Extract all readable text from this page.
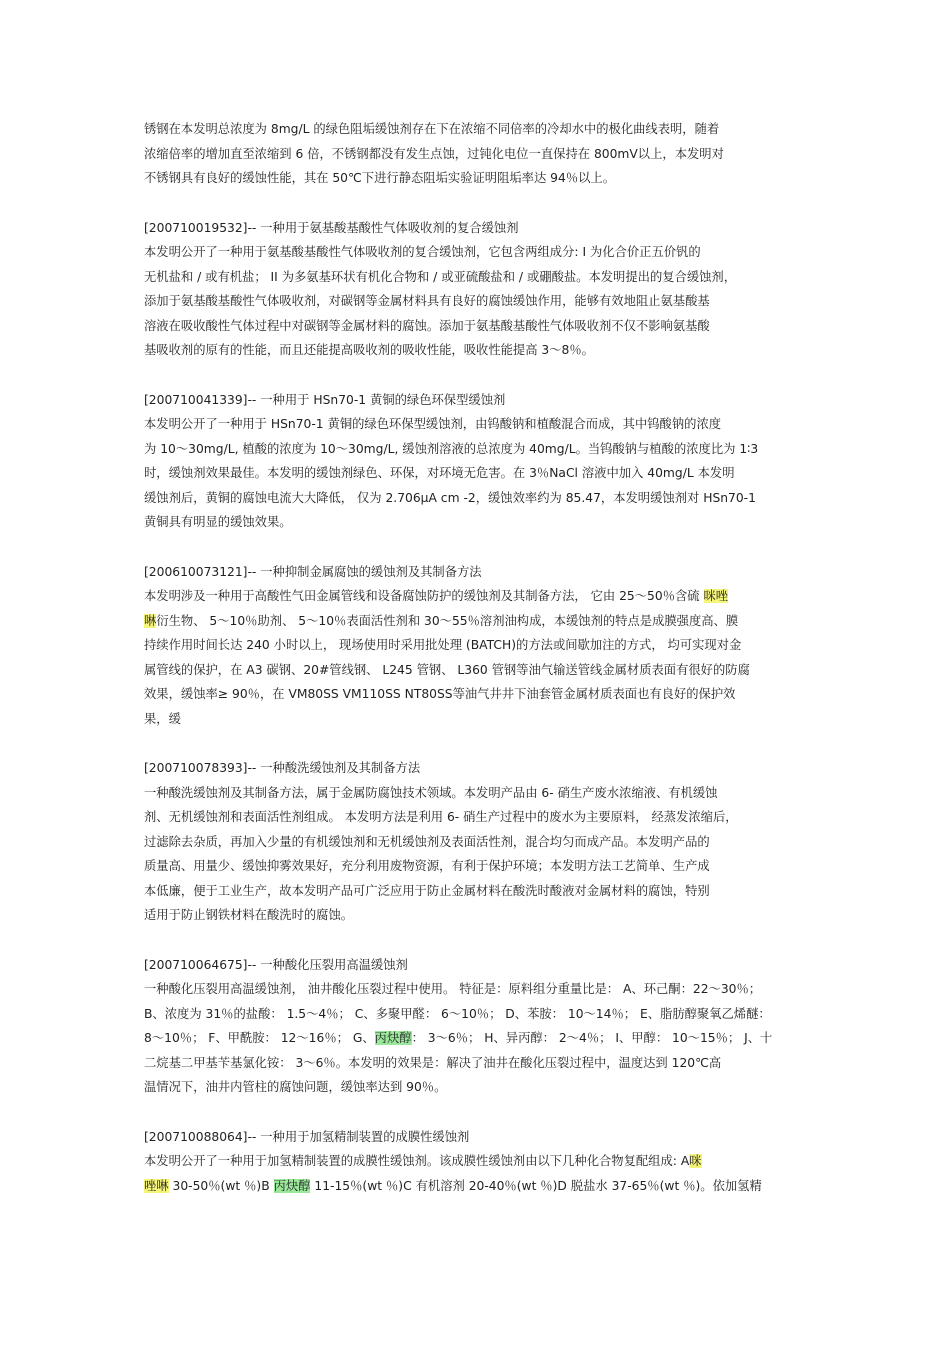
锈钢在本发明总浓度为 8mg/L 的绿色阻垢缓蚀剂存在下在浓缩不同倍率的冷却水中的极化曲线表明，随着
浓缩倍率的增加直至浓缩到 6 倍，不锈钢都没有发生点蚀，过钝化电位一直保持在 800mV以上，本发明对
不锈钢具有良好的缓蚀性能，其在 50℃下进行静态阻垢实验证明阻垢率达 94％以上。
[200710019532]-- 一种用于氨基酸基酸性气体吸收剂的复合缓蚀剂
本发明公开了一种用于氨基酸基酸性气体吸收剂的复合缓蚀剂，它包含两组成分: I 为化合价正五价钒的
无机盐和 / 或有机盐； II 为多氨基环状有机化合物和 / 或亚硫酸盐和 / 或硼酸盐。本发明提出的复合缓蚀剂，
添加于氨基酸基酸性气体吸收剂，对碳钢等金属材料具有良好的腐蚀缓蚀作用，能够有效地阻止氨基酸基
溶液在吸收酸性气体过程中对碳钢等金属材料的腐蚀。添加于氨基酸基酸性气体吸收剂不仅不影响氨基酸
基吸收剂的原有的性能，而且还能提高吸收剂的吸收性能，吸收性能提高 3～8％。
[200710041339]-- 一种用于 HSn70-1 黄铜的绿色环保型缓蚀剂
本发明公开了一种用于 HSn70-1 黄铜的绿色环保型缓蚀剂，由钨酸钠和植酸混合而成，其中钨酸钠的浓度
为 10～30mg/L, 植酸的浓度为 10～30mg/L, 缓蚀剂溶液的总浓度为 40mg/L。当钨酸钠与植酸的浓度比为 1∶3
时，缓蚀剂效果最佳。本发明的缓蚀剂绿色、环保，对环境无危害。在 3％NaCl 溶液中加入 40mg/L 本发明
缓蚀剂后，黄铜的腐蚀电流大大降低， 仅为 2.706μA cm -2，缓蚀效率约为 85.47，本发明缓蚀剂对 HSn70-1
黄铜具有明显的缓蚀效果。
[200610073121]-- 一种抑制金属腐蚀的缓蚀剂及其制备方法
本发明涉及一种用于高酸性气田金属管线和设备腐蚀防护的缓蚀剂及其制备方法， 它由 25～50％含硫 咪唑
啉衍生物、 5～10％助剂、 5～10％表面活性剂和 30～55％溶剂油构成，本缓蚀剂的特点是成膜强度高、膜
持续作用时间长达 240 小时以上， 现场使用时采用批处理 (BATCH)的方法或间歇加注的方式， 均可实现对金
属管线的保护，在 A3 碳钢、20#管线钢、 L245 管钢、 L360 管钢等油气输送管线金属材质表面有很好的防腐
效果，缓蚀率≥ 90％，在 VM80SS VM110SS NT80SS等油气井井下油套管金属材质表面也有良好的保护效
果，缓
[200710078393]-- 一种酸洗缓蚀剂及其制备方法
一种酸洗缓蚀剂及其制备方法，属于金属防腐蚀技术领域。本发明产品由 6- 硝生产废水浓缩液、有机缓蚀
剂、无机缓蚀剂和表面活性剂组成。 本发明方法是利用 6- 硝生产过程中的废水为主要原料， 经蒸发浓缩后，
过滤除去杂质，再加入少量的有机缓蚀剂和无机缓蚀剂及表面活性剂，混合均匀而成产品。本发明产品的
质量高、用量少、缓蚀抑雾效果好，充分利用废物资源，有利于保护环境；本发明方法工艺简单、生产成
本低廉，便于工业生产，故本发明产品可广泛应用于防止金属材料在酸洗时酸液对金属材料的腐蚀，特别
适用于防止钢铁材料在酸洗时的腐蚀。
[200710064675]-- 一种酸化压裂用高温缓蚀剂
一种酸化压裂用高温缓蚀剂， 油井酸化压裂过程中使用。 特征是：原料组分重量比是： A、环己酮：22～30％；
B、浓度为 31％的盐酸： 1.5～4％； C、多聚甲醛： 6～10％； D、苯胺： 10～14％； E、脂肪醇聚氧乙烯醚：
8～10％； F、甲酰胺： 12～16％； G、丙炔醇： 3～6％； H、异丙醇： 2～4％； I、甲醇： 10～15％； J、十
二烷基二甲基苄基氯化铵： 3～6％。本发明的效果是：解决了油井在酸化压裂过程中，温度达到 120℃高
温情况下，油井内管柱的腐蚀问题，缓蚀率达到 90％。
[200710088064]-- 一种用于加氢精制装置的成膜性缓蚀剂
本发明公开了一种用于加氢精制装置的成膜性缓蚀剂。该成膜性缓蚀剂由以下几种化合物复配组成: A咪
唑啉 30-50％(wt ％)B 丙炔醇 11-15％(wt ％)C 有机溶剂 20-40％(wt ％)D 脱盐水 37-65％(wt ％)。依加氢精
